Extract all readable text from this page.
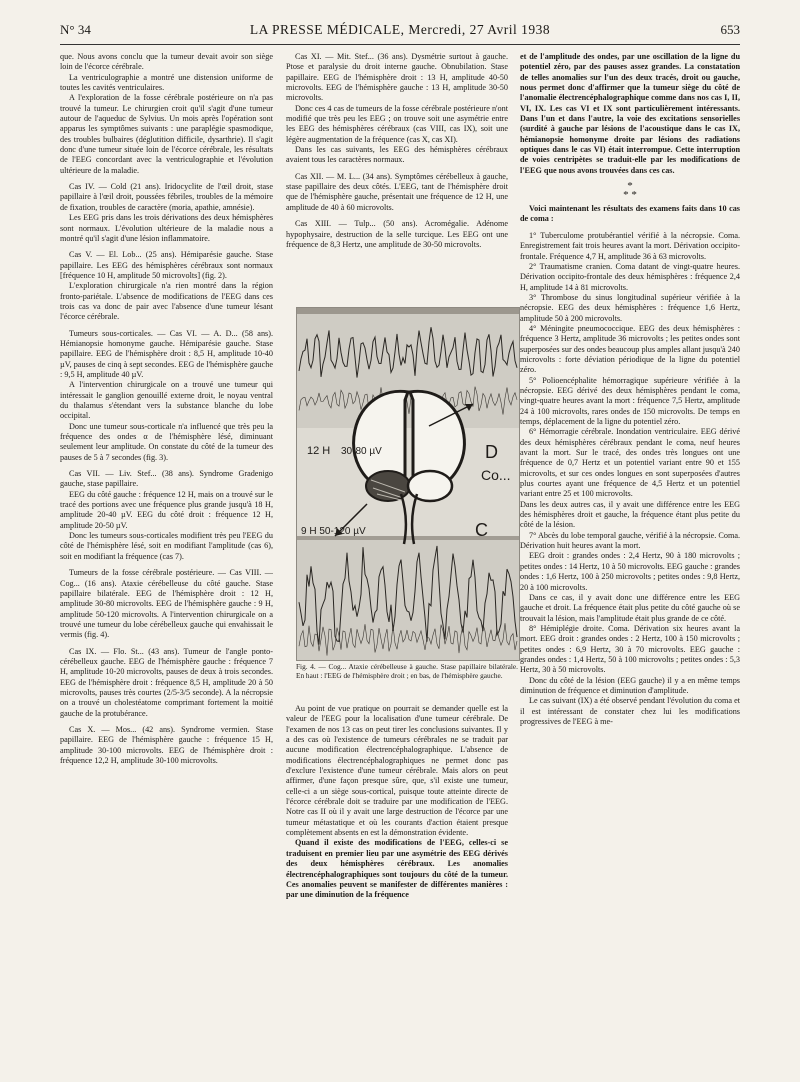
N° 34	LA PRESSE MÉDICALE, Mercredi, 27 Avril 1938	653

que. Nous avons conclu que la tumeur devait avoir son siège loin de l'écorce cérébrale.

La ventriculographie a montré une distension uniforme de toutes les cavités ventriculaires.

A l'exploration de la fosse cérébrale postérieure on n'a pas trouvé la tumeur. Le chirurgien croit qu'il s'agit d'une tumeur autour de l'aqueduc de Sylvius. Un mois après l'opération sont apparus les symptômes suivants : une paraplégie spasmodique, des troubles bulbaires (déglutition difficile, dysarthrie). Il s'agit donc d'une tumeur située loin de l'écorce cérébrale, les résultats de l'EEG concordant avec la ventriculographie et l'évolution ultérieure de la maladie.

Cas IV. — Cold (21 ans). Iridocyclite de l'œil droit, stase papillaire à l'œil droit, poussées fébriles, troubles de la mémoire de fixation, troubles de caractère (moria, apathie, amnésie).

Les EEG pris dans les trois dérivations des deux hémisphères sont normaux. L'évolution ultérieure de la maladie nous a montré qu'il s'agit d'une lésion inflammatoire.

Cas V. — El. Lob... (25 ans). Hémiparésie gauche. Stase papillaire. Les EEG des hémisphères cérébraux sont normaux [fréquence 10 H, amplitude 50 microvolts] (fig. 2).

L'exploration chirurgicale n'a rien montré dans la région fronto-pariétale. L'absence de modifications de l'EEG dans ces trois cas va donc de pair avec l'absence d'une tumeur lésant l'écorce cérébrale.

Tumeurs sous-corticales. — Cas VI. — A. D... (58 ans). Hémianopsie homonyme gauche. Hémiparésie gauche. Stase papillaire. EEG de l'hémisphère droit : 8,5 H, amplitude 10-40 µV, pauses de cinq à sept secondes. EEG de l'hémisphère gauche : 9,5 H, amplitude 40 µV.

A l'intervention chirurgicale on a trouvé une tumeur qui intéressait le ganglion genouillé externe droit, le noyau ventral du thalamus s'étendant vers la substance blanche du lobe occipital.

Donc une tumeur sous-corticale n'a influencé que très peu la fréquence des ondes α de l'hémisphère lésé, diminuant seulement leur amplitude. On constate du côté de la tumeur des pauses de 5 à 7 secondes (fig. 3).

Cas VII. — Liv. Stef... (38 ans). Syndrome Gradenigo gauche, stase papillaire.

EEG du côté gauche : fréquence 12 H, mais on a trouvé sur le tracé des portions avec une fréquence plus grande jusqu'à 18 H, amplitude 20-40 µV. EEG du côté droit : fréquence 12 H, amplitude 20-50 µV.

Donc les tumeurs sous-corticales modifient très peu l'EEG du côté de l'hémisphère lésé, soit en modifiant l'amplitude (cas 6), soit en modifiant la fréquence (cas 7).

Tumeurs de la fosse cérébrale postérieure. — Cas VIII. — Cog... (16 ans). Ataxie cérébelleuse du côté gauche. Stase papillaire bilatérale. EEG de l'hémisphère droit : 12 H, amplitude 30-80 microvolts. EEG de l'hémisphère gauche : 9 H, amplitude 50-120 microvolts. A l'intervention chirurgicale on a trouvé une tumeur du lobe cérébelleux gauche qui envahissait le vermis (fig. 4).

Cas IX. — Flo. St... (43 ans). Tumeur de l'angle ponto-cérébelleux gauche. EEG de l'hémisphère gauche : fréquence 7 H, amplitude 10-20 microvolts, pauses de deux à trois secondes. EEG de l'hémisphère droit : fréquence 8,5 H, amplitude 20 à 50 microvolts, pauses très courtes (2/5-3/5 seconde). A la nécropsie on a trouvé un cholestéatome comprimant fortement la moitié gauche de la protubérance.

Cas X. — Mos... (42 ans). Syndrome vermien. Stase papillaire. EEG de l'hémisphère gauche : fréquence 15 H, amplitude 30-100 microvolts. EEG de l'hémisphère droit : fréquence 12,2 H, amplitude 30-100 microvolts.

Cas XI. — Mit. Stef... (36 ans). Dysmétrie surtout à gauche. Ptose et paralysie du droit interne gauche. Obnubilation. Stase papillaire. EEG de l'hémisphère droit : 13 H, amplitude 40-50 microvolts. EEG de l'hémisphère gauche : 13 H, amplitude 30-50 microvolts.

Donc ces 4 cas de tumeurs de la fosse cérébrale postérieure n'ont modifié que très peu les EEG ; on trouve soit une asymétrie entre les EEG des hémisphères cérébraux (cas VIII, cas IX), soit une légère augmentation de la fréquence (cas X, cas XI).

Dans les cas suivants, les EEG des hémisphères cérébraux avaient tous les caractères normaux.

Cas XII. — M. L... (34 ans). Symptômes cérébelleux à gauche, stase papillaire des deux côtés. L'EEG, tant de l'hémisphère droit que de l'hémisphère gauche, présentait une fréquence de 12 H, une amplitude de 40 à 60 microvolts.

Cas XIII. — Tulp... (50 ans). Acromégalie. Adénome hypophysaire, destruction de la selle turcique. Les EEG ont une fréquence de 8,3 Hertz, une amplitude de 30-50 microvolts.

12 H 30-80 µV	D
Co...
9 H 50-120 µV	C
Fig. 4. — Cog... Ataxie cérébelleuse à gauche. Stase papillaire bilatérale. En haut : l'EEG de l'hémisphère droit ; en bas, de l'hémisphère gauche.

Au point de vue pratique on pourrait se demander quelle est la valeur de l'EEG pour la localisation d'une tumeur cérébrale. De l'examen de nos 13 cas on peut tirer les conclusions suivantes. Il y a des cas où l'existence de tumeurs cérébrales ne se traduit par aucune modification électrencéphalographique. L'absence de modifications électrencéphalographiques ne permet donc pas d'exclure l'existence d'une tumeur cérébrale. Mais alors on peut affirmer, d'une façon presque sûre, que, s'il existe une tumeur, celle-ci a un siège sous-cortical, puisque toute atteinte directe de l'écorce cérébrale doit se traduire par une modification de l'EEG. Notre cas II où il y avait une large destruction de l'écorce par une tumeur métastatique et où les courants d'action étaient presque complètement absents en est la démonstration évidente.

Quand il existe des modifications de l'EEG, celles-ci se traduisent en premier lieu par une asymétrie des EEG dérivés des deux hémisphères cérébraux. Les anomalies électrencéphalographiques sont toujours du côté de la tumeur. Ces anomalies peuvent se manifester de différentes manières : par une diminution de la fréquence

et de l'amplitude des ondes, par une oscillation de la ligne du potentiel zéro, par des pauses assez grandes. La constatation de telles anomalies sur l'un des deux tracés, droit ou gauche, nous permet donc d'affirmer que la tumeur siège du côté de l'anomalie électrencéphalographique comme dans nos cas I, II, VI, IX. Les cas VI et IX sont particulièrement intéressants. Dans l'un et dans l'autre, la voie des excitations sensorielles (surdité à gauche par lésions de l'acoustique dans le cas IX, hémianopsie homonyme droite par lésions des radiations optiques dans le cas VI) était interrompue. Cette interruption de voies centripètes se traduit-elle par les modifications de l'EEG que nous avons trouvées dans ces cas.

*
* *

Voici maintenant les résultats des examens faits dans 10 cas de coma :

1° Tuberculome protubérantiel vérifié à la nécropsie. Coma. Enregistrement fait trois heures avant la mort. Dérivation occipito-frontale. Fréquence 4,7 H, amplitude 36 à 63 microvolts.

2° Traumatisme cranien. Coma datant de vingt-quatre heures. Dérivation occipito-frontale des deux hémisphères : fréquence 2,4 H, amplitude 14 à 81 microvolts.

3° Thrombose du sinus longitudinal supérieur vérifiée à la nécropsie. EEG des deux hémisphères : fréquence 1,6 Hertz, amplitude 50 à 200 microvolts.

4° Méningite pneumococcique. EEG des deux hémisphères : fréquence 3 Hertz, amplitude 36 microvolts ; les petites ondes sont superposées sur des ondes beaucoup plus amples allant jusqu'à 240 microvolts : forte déviation périodique de la ligne du potentiel zéro.

5° Polioencéphalite hémorragique supérieure vérifiée à la nécropsie. EEG dérivé des deux hémisphères pendant le coma, vingt-quatre heures avant la mort : fréquence 7,5 Hertz, amplitude 24 à 100 microvolts, rares ondes de 150 microvolts. De temps en temps, déplacement de la ligne du potentiel zéro.

6° Hémorragie cérébrale. Inondation ventriculaire. EEG dérivé des deux hémisphères cérébraux pendant le coma, neuf heures avant la mort. Sur le tracé, des ondes très longues ont une fréquence de 0,7 Hertz et un potentiel variant entre 90 et 155 microvolts, et sur ces ondes longues en sont superposées d'autres plus courtes ayant une fréquence de 4,5 Hertz et un potentiel variant entre 25 et 100 microvolts.

Dans les deux autres cas, il y avait une différence entre les EEG des hémisphères droit et gauche, la fréquence étant plus petite du côté de la lésion.

7° Abcès du lobe temporal gauche, vérifié à la nécropsie. Coma. Dérivation huit heures avant la mort.

EEG droit : grandes ondes : 2,4 Hertz, 90 à 180 microvolts ; petites ondes : 14 Hertz, 10 à 50 microvolts. EEG gauche : grandes ondes : 1,6 Hertz, 100 à 250 microvolts ; petites ondes : 9,8 Hertz, 20 à 100 microvolts.

Dans ce cas, il y avait donc une différence entre les EEG gauche et droit. La fréquence était plus petite du côté gauche où se trouvait la lésion, mais l'amplitude était plus grande de ce côté.

8° Hémiplégie droite. Coma. Dérivation six heures avant la mort. EEG droit : grandes ondes : 2 Hertz, 100 à 150 microvolts ; petites ondes : 6,9 Hertz, 30 à 70 microvolts. EEG gauche : grandes ondes : 1,4 Hertz, 50 à 100 microvolts ; petites ondes : 5,3 Hertz, 30 à 50 microvolts.

Donc du côté de la lésion (EEG gauche) il y a en même temps diminution de fréquence et diminution d'amplitude.

Le cas suivant (IX) a été observé pendant l'évolution du coma et il est intéressant de constater chez lui les modifications progressives de l'EEG à me-
